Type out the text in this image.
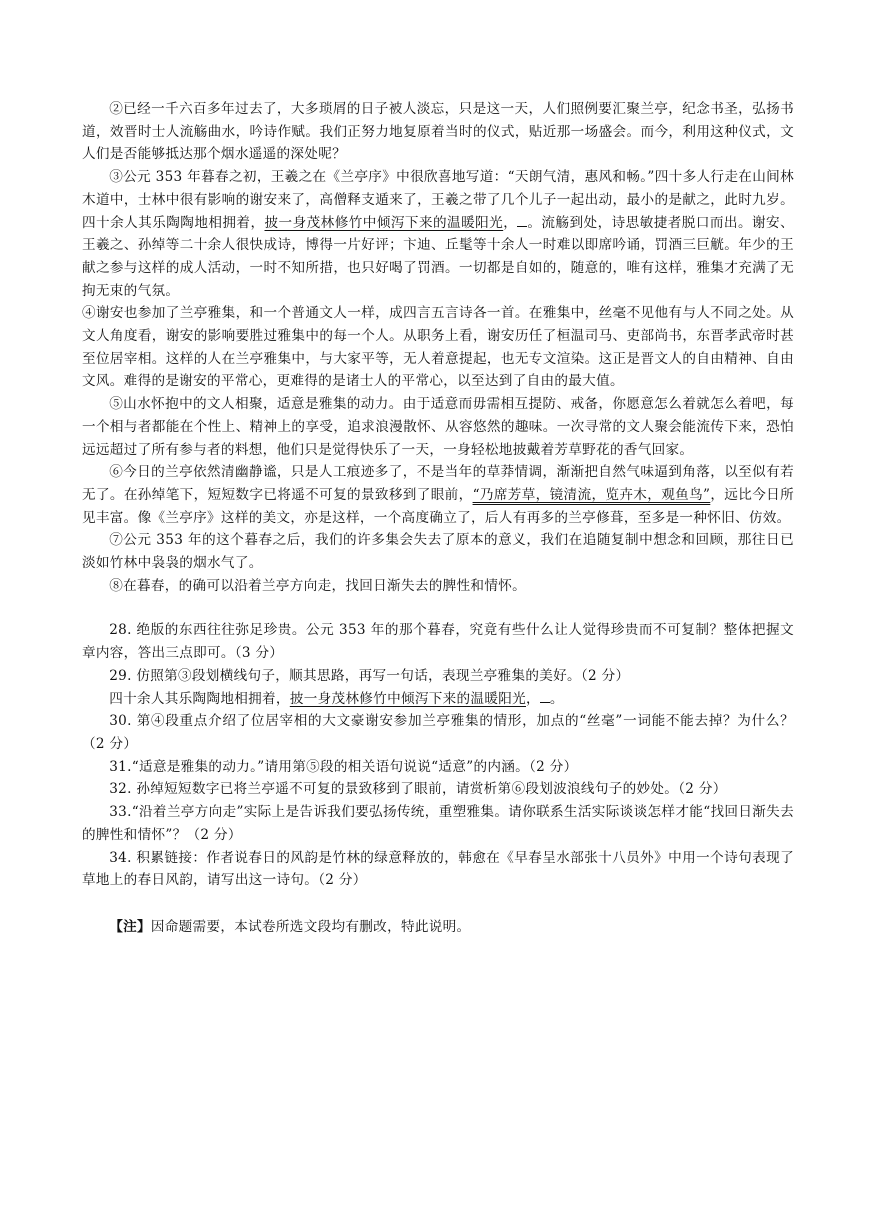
②已经一千六百多年过去了，大多琐屑的日子被人淡忘，只是这一天，人们照例要汇聚兰亭，纪念书圣，弘扬书道，效晋时士人流觞曲水，吟诗作赋。我们正努力地复原着当时的仪式，贴近那一场盛会。而今，利用这种仪式，文人们是否能够抵达那个烟水遥遥的深处呢？

③公元 353 年暮春之初，王羲之在《兰亭序》中很欣喜地写道：“天朗气清，惠风和畅。”四十多人行走在山间林木道中，士林中很有影响的谢安来了，高僧释支遁来了，王羲之带了几个儿子一起出动，最小的是献之，此时九岁。四十余人其乐陶陶地相拥着，披一身茂林修竹中倾泻下来的温暖阳光， 。流觞到处，诗思敏捷者脱口而出。谢安、王羲之、孙绰等二十余人很快成诗，博得一片好评；卞迪、丘髦等十余人一时难以即席吟诵，罚酒三巨觥。年少的王献之参与这样的成人活动，一时不知所措，也只好喝了罚酒。一切都是自如的，随意的，唯有这样，雅集才充满了无拘无束的气氛。

④谢安也参加了兰亭雅集，和一个普通文人一样，成四言五言诗各一首。在雅集中，丝毫不见他有与人不同之处。从文人角度看，谢安的影响要胜过雅集中的每一个人。从职务上看，谢安历任了桓温司马、吏部尚书，东晋孝武帝时甚至位居宰相。这样的人在兰亭雅集中，与大家平等，无人着意提起，也无专文渲染。这正是晋文人的自由精神、自由文风。难得的是谢安的平常心，更难得的是诸士人的平常心，以至达到了自由的最大值。

⑤山水怀抱中的文人相聚，适意是雅集的动力。由于适意而毋需相互提防、戒备，你愿意怎么着就怎么着吧，每一个相与者都能在个性上、精神上的享受，追求浪漫散怀、从容悠然的趣味。一次寻常的文人聚会能流传下来，恐怕远远超过了所有参与者的料想，他们只是觉得快乐了一天，一身轻松地披戴着芳草野花的香气回家。

⑥今日的兰亭依然清幽静谧，只是人工痕迹多了，不是当年的草莽情调，渐渐把自然气味逼到角落，以至似有若无了。在孙绰笔下，短短数字已将遥不可复的景致移到了眼前，“乃席芳草，镜清流，览卉木，观鱼鸟”，远比今日所见丰富。像《兰亭序》这样的美文，亦是这样，一个高度确立了，后人有再多的兰亭修葺，至多是一种怀旧、仿效。

⑦公元 353 年的这个暮春之后，我们的许多集会失去了原本的意义，我们在追随复制中想念和回顾，那往日已淡如竹林中袅袅的烟水气了。

⑧在暮春，的确可以沿着兰亭方向走，找回日渐失去的脾性和情怀。

28. 绝版的东西往往弥足珍贵。公元 353 年的那个暮春，究竟有些什么让人觉得珍贵而不可复制？整体把握文章内容，答出三点即可。（3 分）

29. 仿照第③段划横线句子，顺其思路，再写一句话，表现兰亭雅集的美好。（2 分）

四十余人其乐陶陶地相拥着，披一身茂林修竹中倾泻下来的温暖阳光， 。

30. 第④段重点介绍了位居宰相的大文豪谢安参加兰亭雅集的情形，加点的“丝毫”一词能不能去掉？为什么？（2 分）

31.“适意是雅集的动力。”请用第⑤段的相关语句说说“适意”的内涵。（2 分）

32. 孙绰短短数字已将兰亭遥不可复的景致移到了眼前，请赏析第⑥段划波浪线句子的妙处。（2 分）

33.“沿着兰亭方向走”实际上是告诉我们要弘扬传统，重塑雅集。请你联系生活实际谈谈怎样才能“找回日渐失去的脾性和情怀”？（2 分）

34. 积累链接：作者说春日的风韵是竹林的绿意释放的，韩愈在《早春呈水部张十八员外》中用一个诗句表现了草地上的春日风韵，请写出这一诗句。（2 分）

【注】因命题需要，本试卷所选文段均有删改，特此说明。
